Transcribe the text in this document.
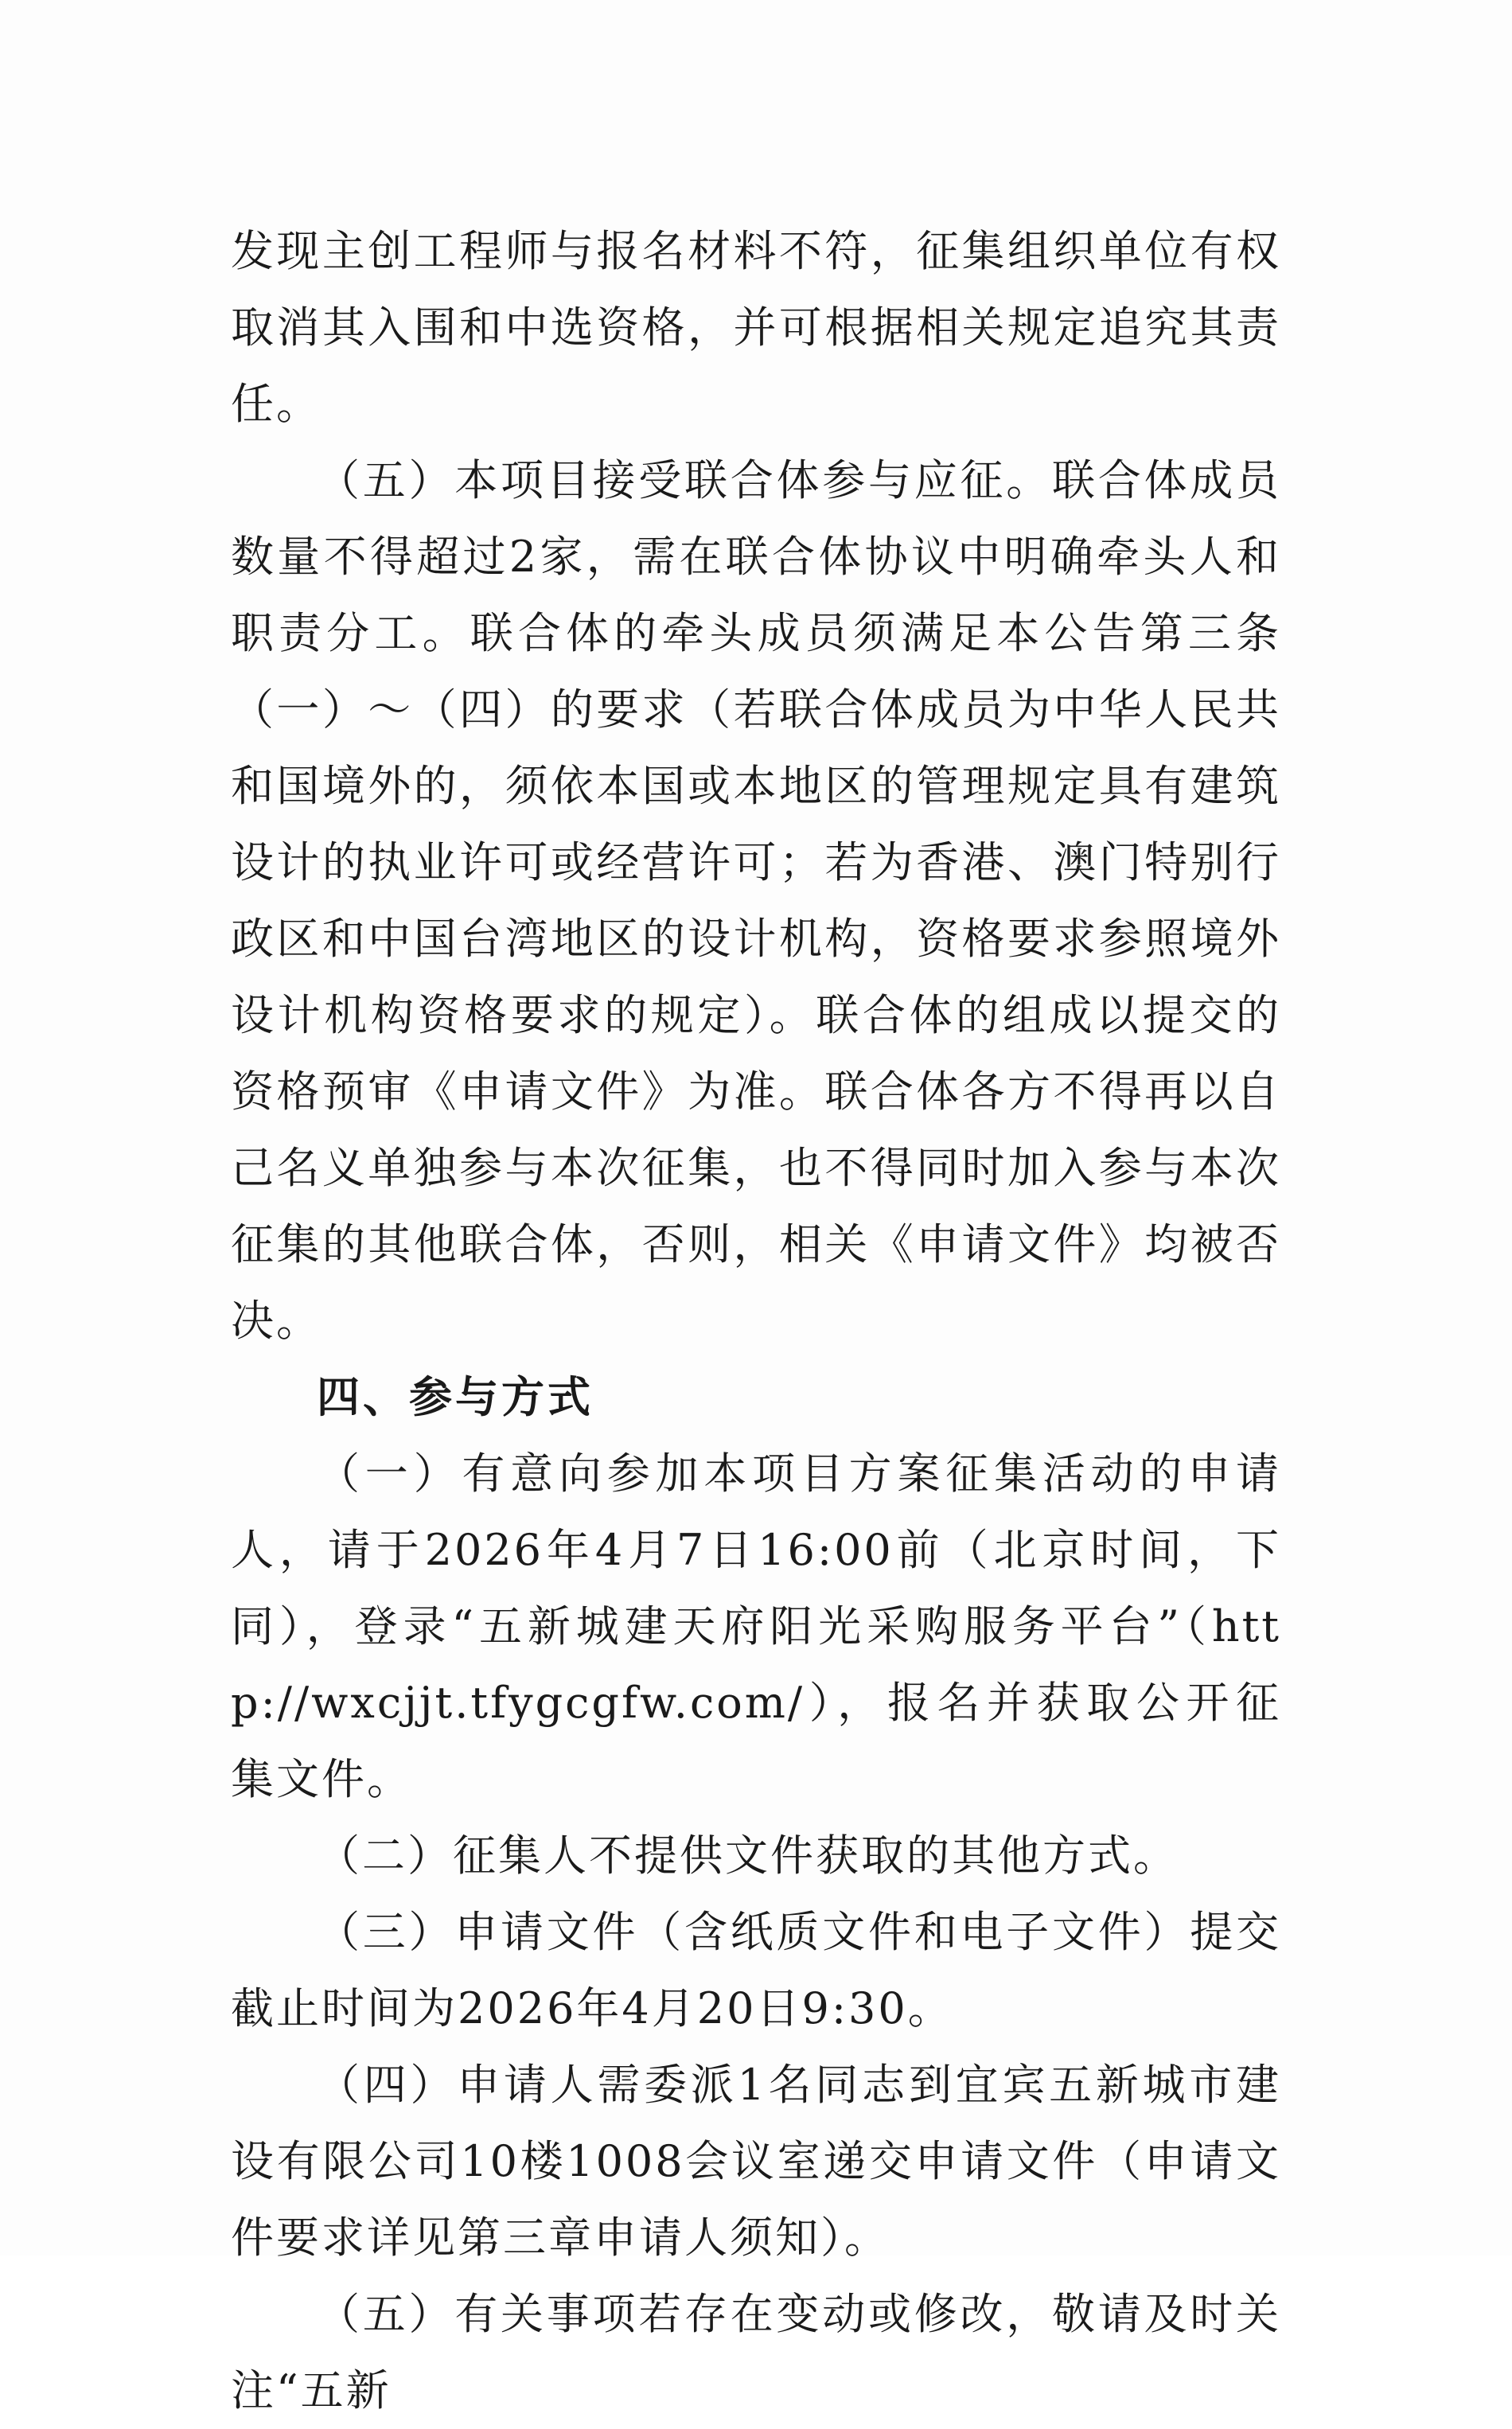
发现主创工程师与报名材料不符，征集组织单位有权取消其入围和中选资格，并可根据相关规定追究其责任。

（五）本项目接受联合体参与应征。联合体成员数量不得超过2家，需在联合体协议中明确牵头人和职责分工。联合体的牵头成员须满足本公告第三条（一）～（四）的要求（若联合体成员为中华人民共和国境外的，须依本国或本地区的管理规定具有建筑设计的执业许可或经营许可；若为香港、澳门特别行政区和中国台湾地区的设计机构，资格要求参照境外设计机构资格要求的规定）。联合体的组成以提交的资格预审《申请文件》为准。联合体各方不得再以自己名义单独参与本次征集，也不得同时加入参与本次征集的其他联合体，否则，相关《申请文件》均被否决。

四、参与方式

（一）有意向参加本项目方案征集活动的申请人，请于2026年4月7日16:00前（北京时间，下同），登录“五新城建天府阳光采购服务平台”（http://wxcjjt.tfygcgfw.com/），报名并获取公开征集文件。

（二）征集人不提供文件获取的其他方式。

（三）申请文件（含纸质文件和电子文件）提交截止时间为2026年4月20日9:30。

（四）申请人需委派1名同志到宜宾五新城市建设有限公司10楼1008会议室递交申请文件（申请文件要求详见第三章申请人须知）。

（五）有关事项若存在变动或修改，敬请及时关注“五新
